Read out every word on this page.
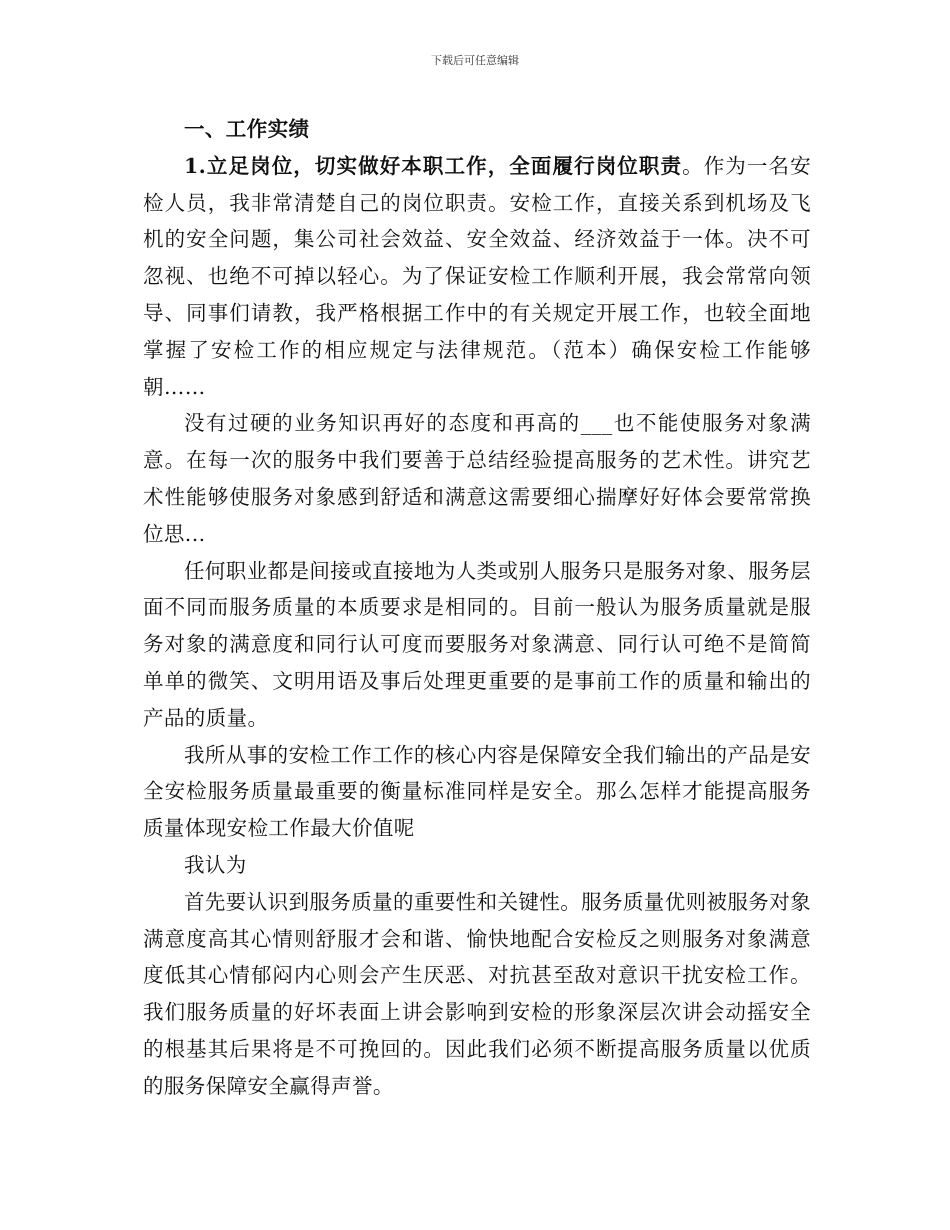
下载后可任意编辑

一、工作实绩

1.立足岗位，切实做好本职工作，全面履行岗位职责。作为一名安检人员，我非常清楚自己的岗位职责。安检工作，直接关系到机场及飞机的安全问题，集公司社会效益、安全效益、经济效益于一体。决不可忽视、也绝不可掉以轻心。为了保证安检工作顺利开展，我会常常向领导、同事们请教，我严格根据工作中的有关规定开展工作，也较全面地掌握了安检工作的相应规定与法律规范。（范本）确保安检工作能够朝……

没有过硬的业务知识再好的态度和再高的___也不能使服务对象满意。在每一次的服务中我们要善于总结经验提高服务的艺术性。讲究艺术性能够使服务对象感到舒适和满意这需要细心揣摩好好体会要常常换位思...

任何职业都是间接或直接地为人类或别人服务只是服务对象、服务层面不同而服务质量的本质要求是相同的。目前一般认为服务质量就是服务对象的满意度和同行认可度而要服务对象满意、同行认可绝不是简简单单的微笑、文明用语及事后处理更重要的是事前工作的质量和输出的产品的质量。

我所从事的安检工作工作的核心内容是保障安全我们输出的产品是安全安检服务质量最重要的衡量标准同样是安全。那么怎样才能提高服务质量体现安检工作最大价值呢

我认为

首先要认识到服务质量的重要性和关键性。服务质量优则被服务对象满意度高其心情则舒服才会和谐、愉快地配合安检反之则服务对象满意度低其心情郁闷内心则会产生厌恶、对抗甚至敌对意识干扰安检工作。我们服务质量的好坏表面上讲会影响到安检的形象深层次讲会动摇安全的根基其后果将是不可挽回的。因此我们必须不断提高服务质量以优质的服务保障安全赢得声誉。
